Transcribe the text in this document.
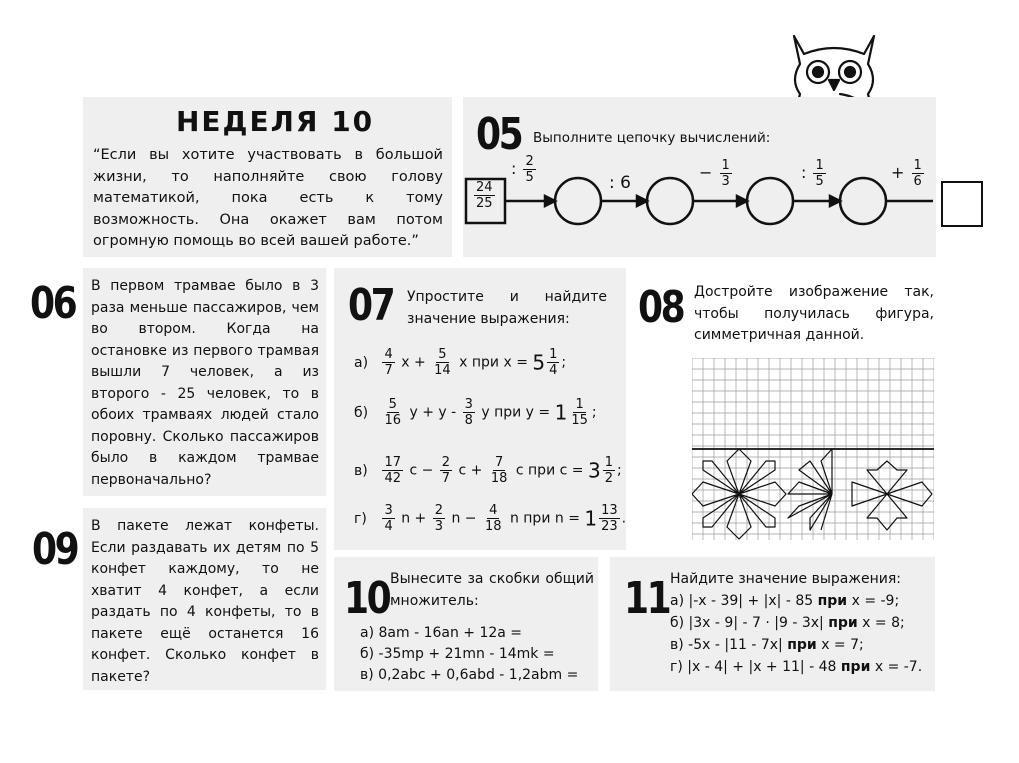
НЕДЕЛЯ 10
“Если вы хотите участвовать в большой жизни, то наполняйте свою голову математикой, пока есть к тому возможность. Она окажет вам потом огромную помощь во всей вашей работе.”
05 Выполните цепочку вычислений:
$\frac{24}{25}$
: $\frac{2}{5}$	: 6
− $\frac{1}{3}$	: $\frac{1}{5}$	+ $\frac{1}{6}$
06 В первом трамвае было в 3 раза меньше пассажиров, чем во втором. Когда на остановке из первого трамвая вышли 7 человек, а из второго - 25 человек, то в обоих трамваях людей стало поровну. Сколько пассажиров было в каждом трамвае первоначально?
07 Упростите и найдите значение выражения:
$а) \frac{4}{7}$ $x + \frac{5}{14}$ x при $x = 5 \frac{1}{4}$ ;
$б) \frac{5}{16}$ $y + y - \frac{3}{8}$ y при $y = 1 \frac{1}{15}$ ;
$в) \frac{17}{42}$ $c - \frac{2}{7}$ $c + \frac{7}{18}$ c при $c = 3 \frac{1}{2}$ ;
$г) \frac{3}{4}$ $n + \frac{2}{3}$ $n - \frac{4}{18}$ n при $n = 1 \frac{13}{23}$ .
08 Достройте изображение так, чтобы получилась фигура, симметричная данной.
09 В пакете лежат конфеты. Если раздавать их детям по 5 конфет каждому, то не хватит 4 конфет, а если раздать по 4 конфеты, то в пакете ещё останется 16 конфет. Сколько конфет в пакете?
10 Вынесите за скобки общий множитель:
а) 8am - 16an + 12a =
б) -35mp + 21mn - 14mk =
в) 0,2abc + 0,6abd - 1,2abm =
11 Найдите значение выражения:
а) |-x - 39| + |x| - 85 при x = -9;
б) |3x - 9| - 7 · |9 - 3x| при x = 8;
в) -5x - |11 - 7x| при x = 7;
г) |x - 4| + |x + 11| - 48 при x = -7.
